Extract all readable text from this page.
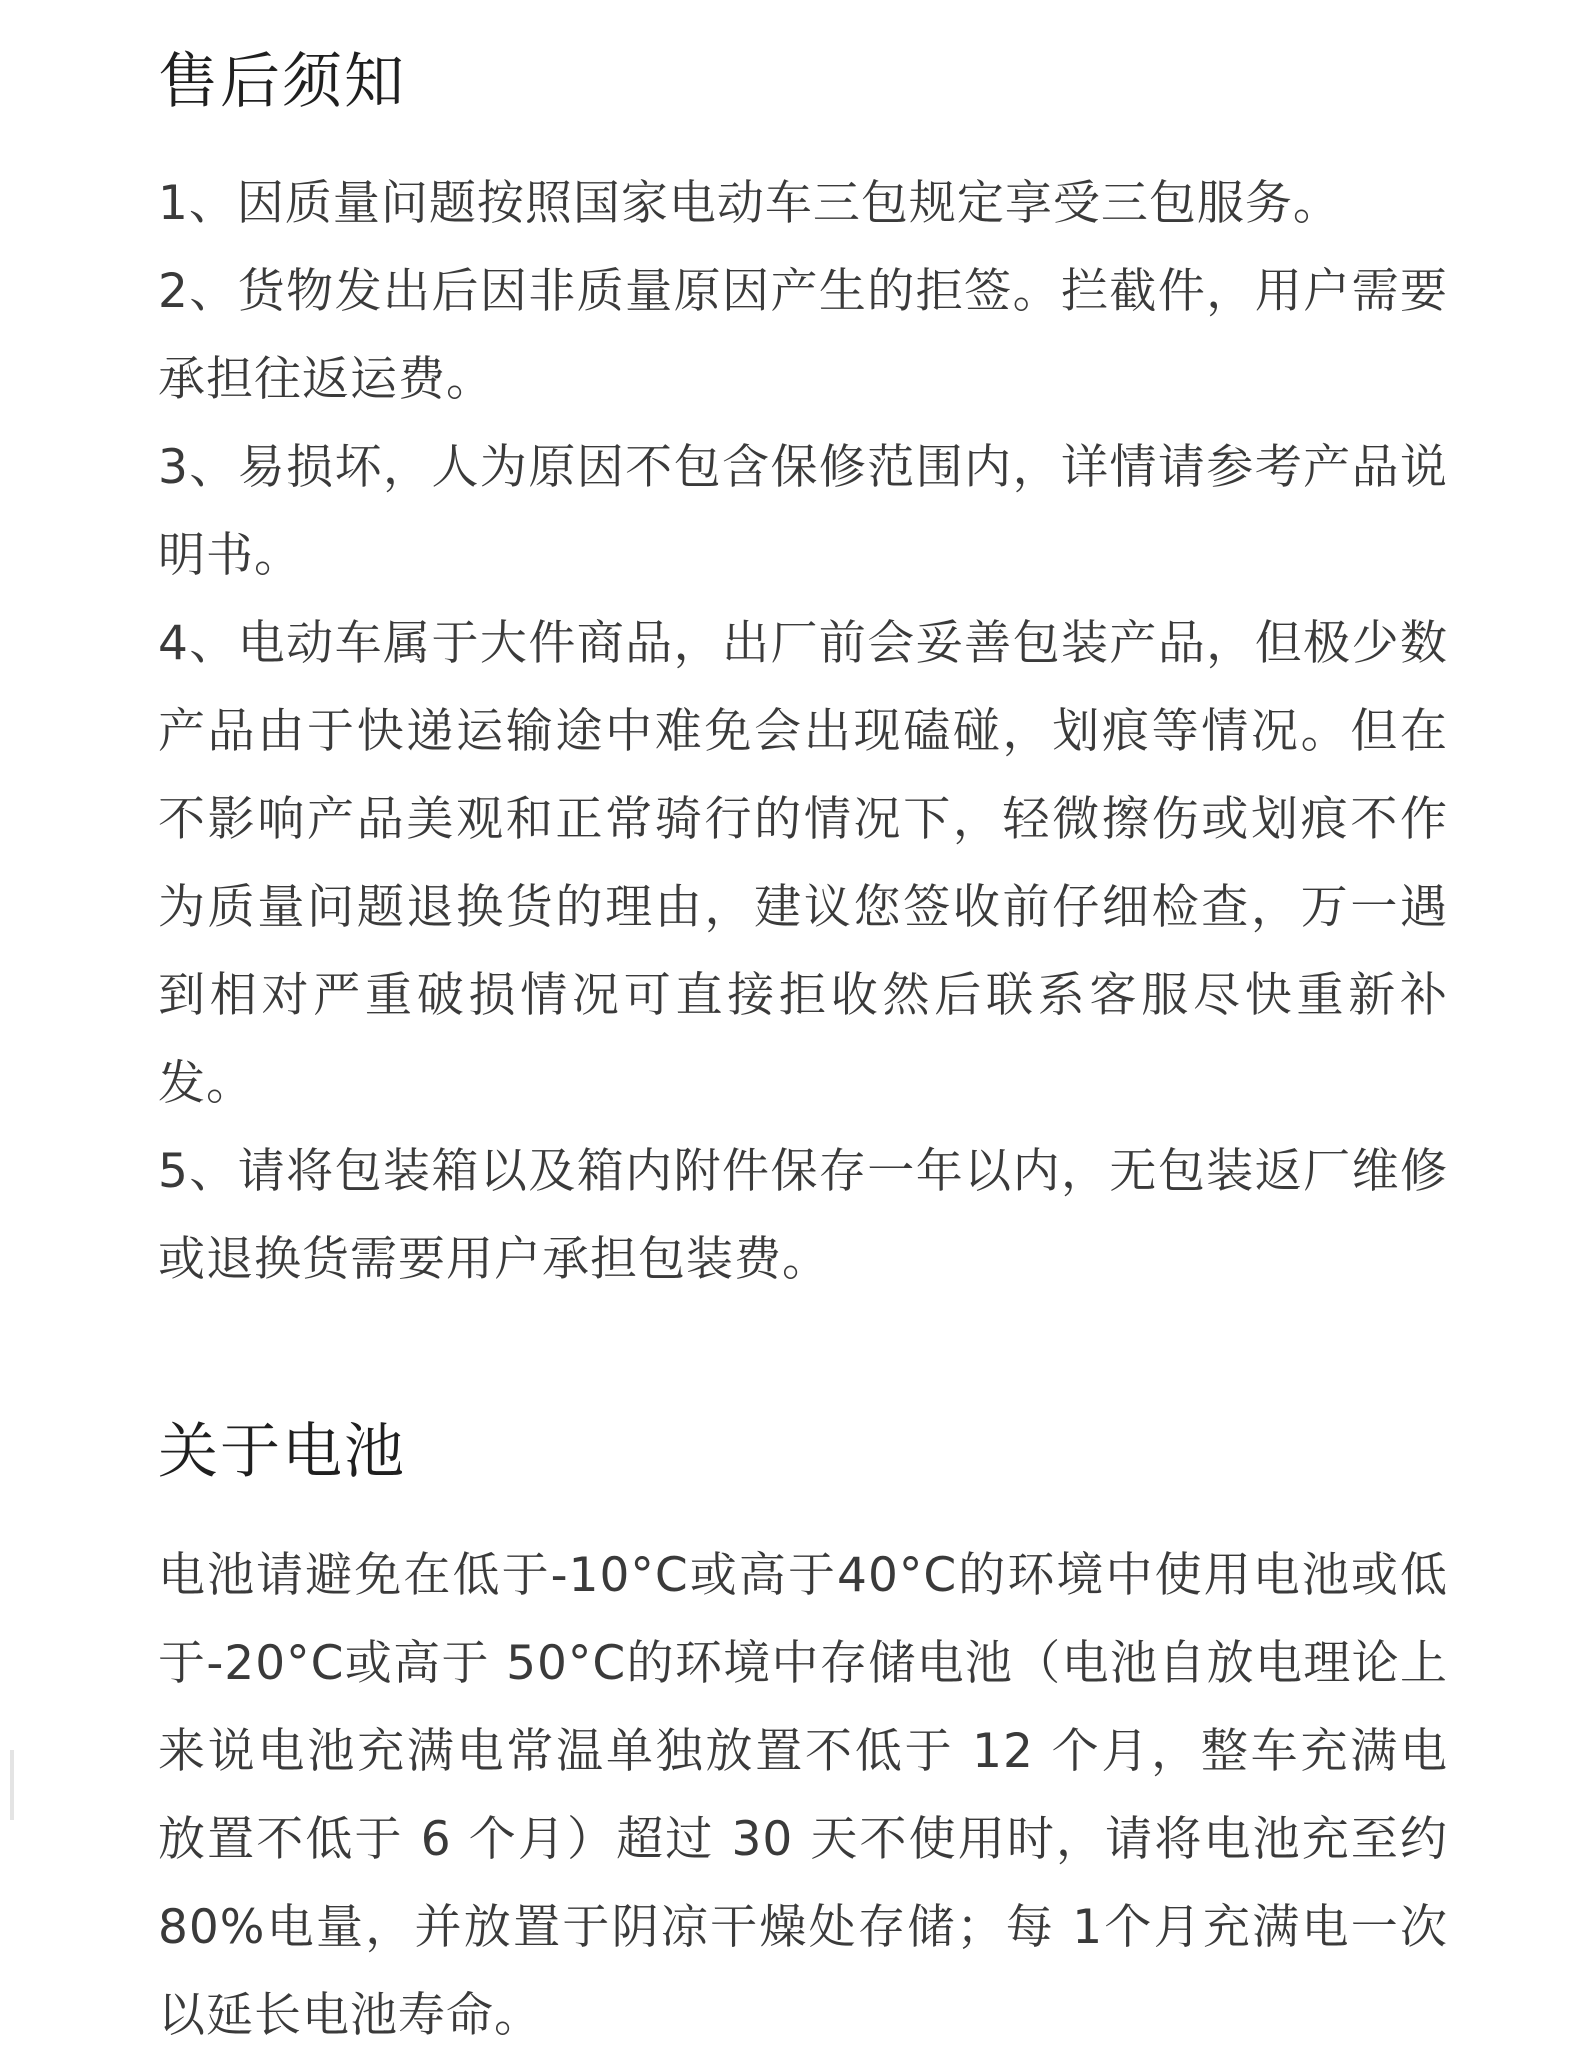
售后须知

1、因质量问题按照国家电动车三包规定享受三包服务。

2、货物发出后因非质量原因产生的拒签。拦截件，用户需要承担往返运费。

3、易损坏，人为原因不包含保修范围内，详情请参考产品说明书。

4、电动车属于大件商品，出厂前会妥善包装产品，但极少数产品由于快递运输途中难免会出现磕碰，划痕等情况。但在不影响产品美观和正常骑行的情况下，轻微擦伤或划痕不作为质量问题退换货的理由，建议您签收前仔细检查，万一遇到相对严重破损情况可直接拒收然后联系客服尽快重新补发。

5、请将包装箱以及箱内附件保存一年以内，无包装返厂维修或退换货需要用户承担包装费。

关于电池

电池请避免在低于-10°C或高于40°C的环境中使用电池或低于-20°C或高于 50°C的环境中存储电池（电池自放电理论上来说电池充满电常温单独放置不低于 12 个月，整车充满电放置不低于 6 个月）超过 30 天不使用时，请将电池充至约 80%电量，并放置于阴凉干燥处存储；每 1个月充满电一次以延长电池寿命。
